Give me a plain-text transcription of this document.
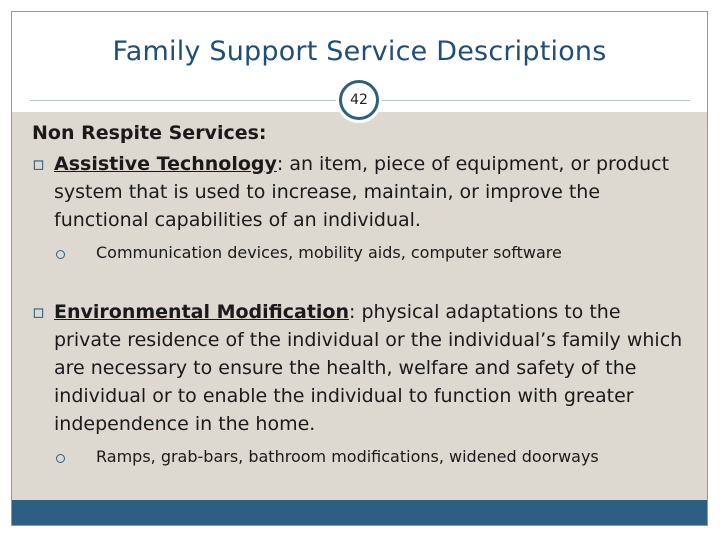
Family Support Service Descriptions
42
Non Respite Services:
▫ Assistive Technology: an item, piece of equipment, or product system that is used to increase, maintain, or improve the functional capabilities of an individual.
Communication devices, mobility aids, computer software
▫ Environmental Modification: physical adaptations to the private residence of the individual or the individual’s family which are necessary to ensure the health, welfare and safety of the individual or to enable the individual to function with greater independence in the home.
Ramps, grab-bars, bathroom modifications, widened doorways
